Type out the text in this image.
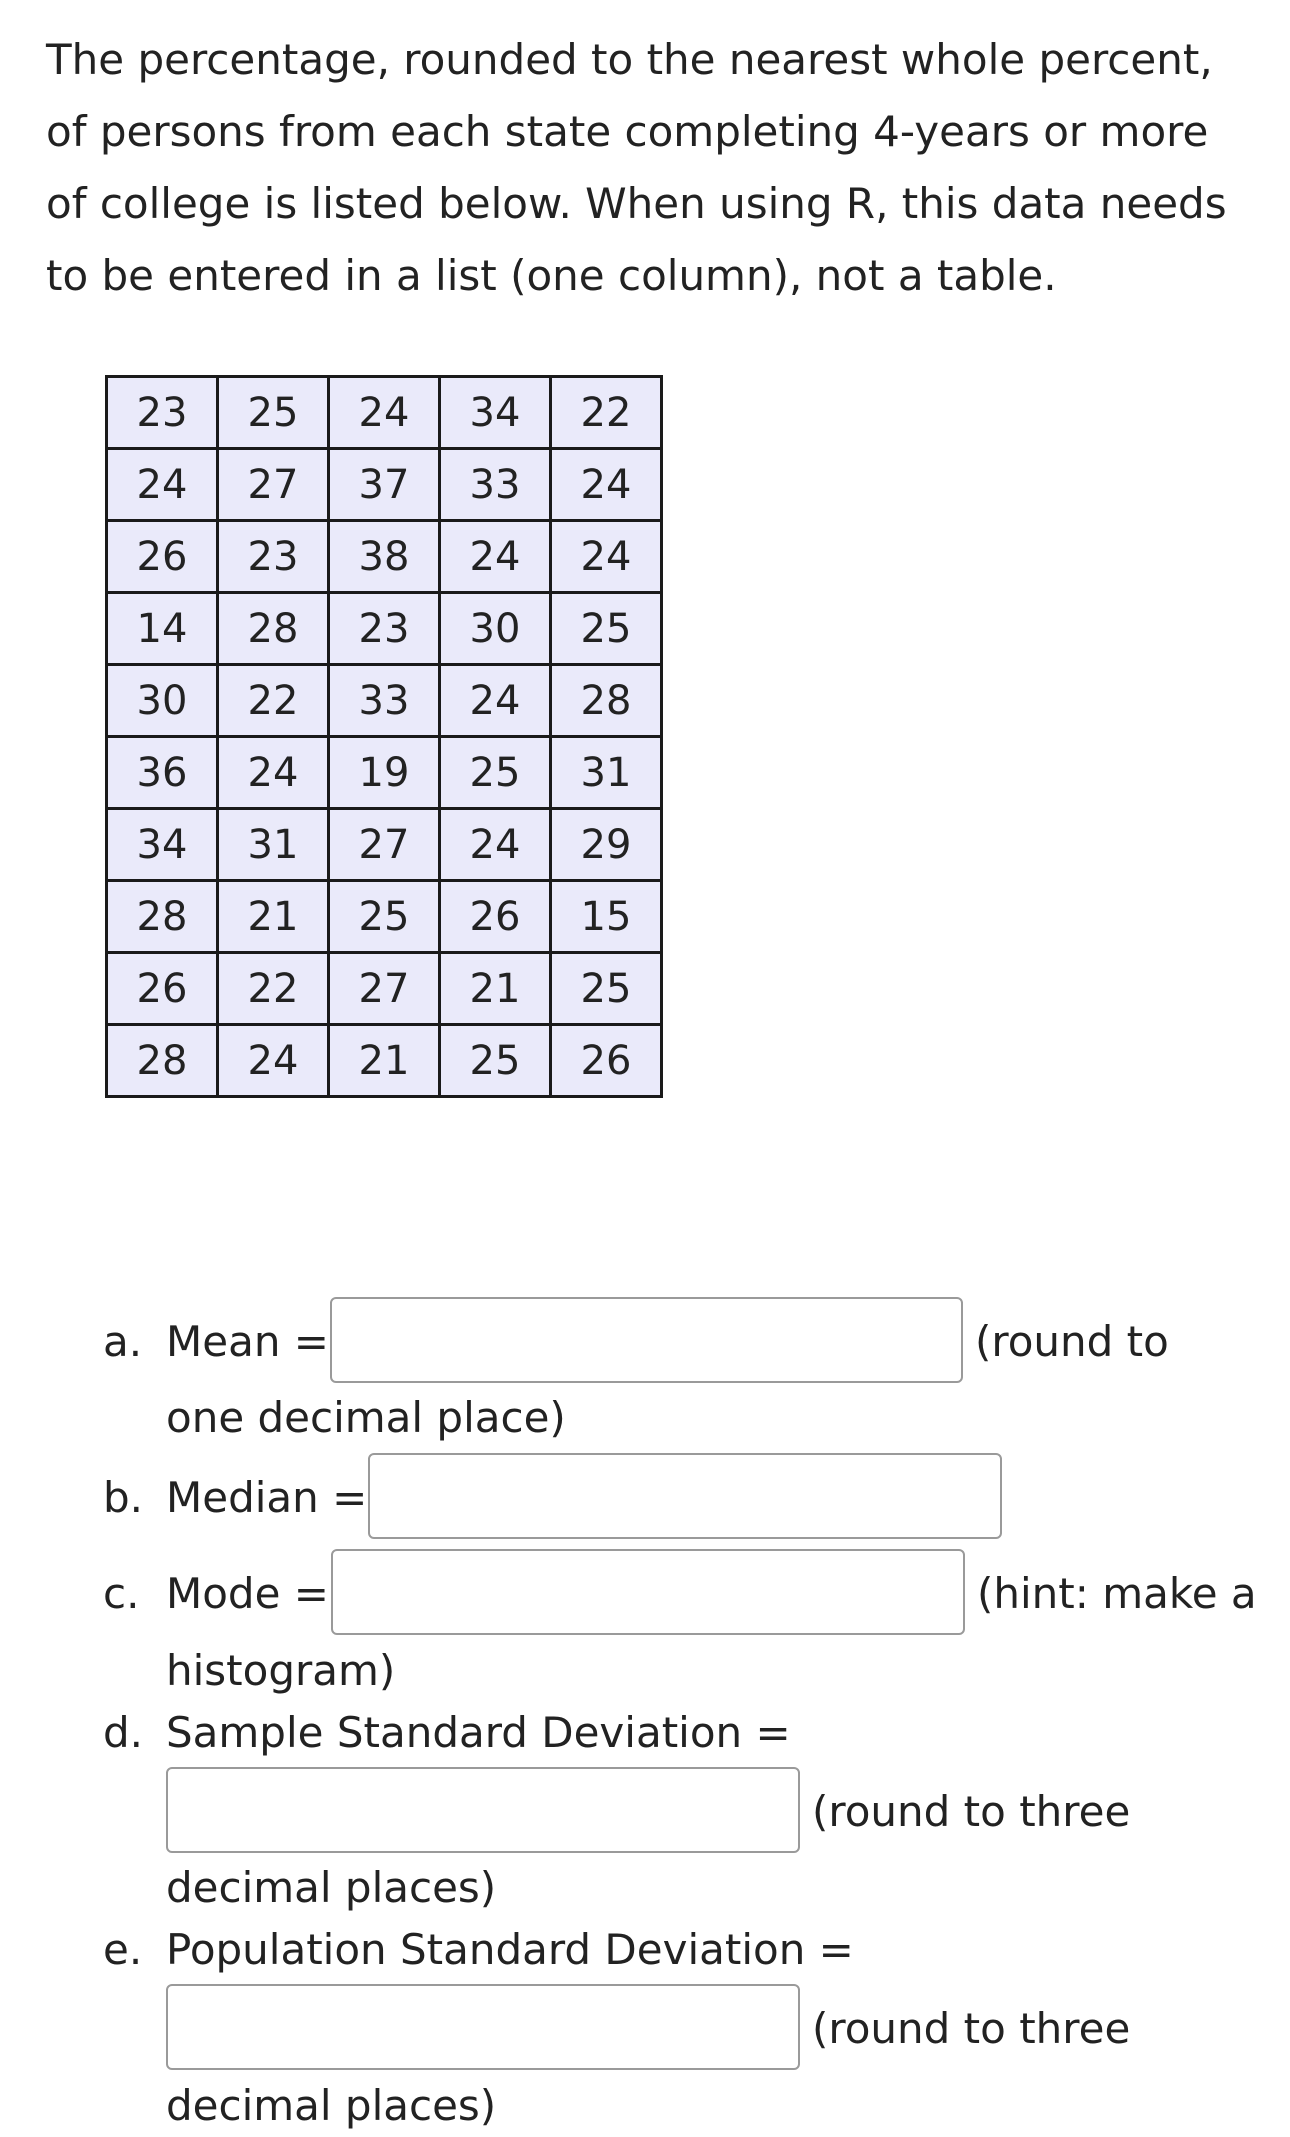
The percentage, rounded to the nearest whole percent, of persons from each state completing 4-years or more of college is listed below. When using R, this data needs to be entered in a list (one column), not a table.

23	25	24	34	22
24	27	37	33	24
26	23	38	24	24
14	28	23	30	25
30	22	33	24	28
36	24	19	25	31
34	31	27	24	29
28	21	25	26	15
26	22	27	21	25
28	24	21	25	26
a. Mean =	(round to
one decimal place)
b. Median =
c. Mode =	(hint: make a
histogram)
d. Sample Standard Deviation =
(round to three
decimal places)
e. Population Standard Deviation =
(round to three
decimal places)
